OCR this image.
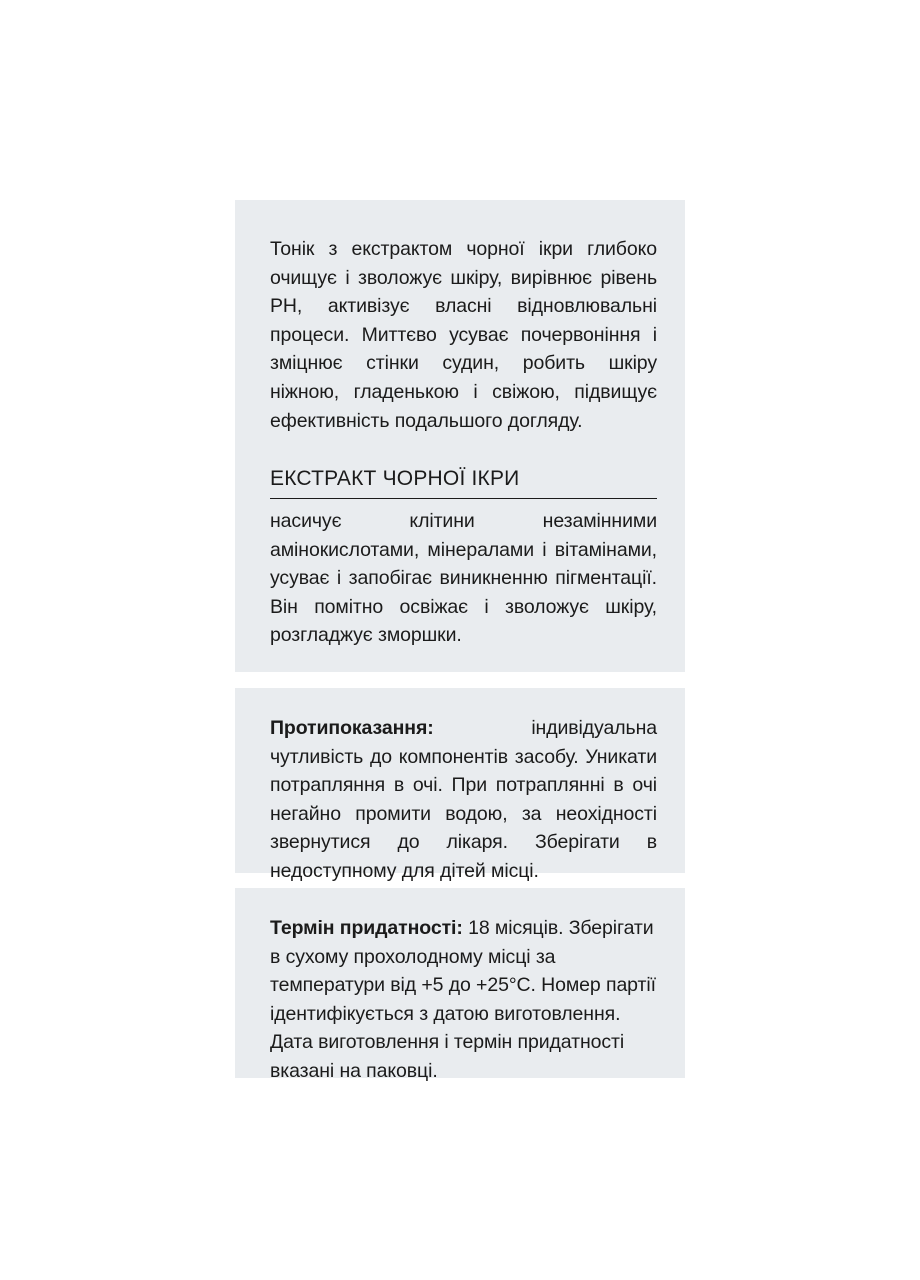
Тонік з екстрактом чорної ікри глибоко очищує і зволожує шкіру, вирівнює рівень PH, активізує власні відновлювальні процеси. Миттєво усуває почервоніння і зміцнює стінки судин, робить шкіру ніжною, гладенькою і свіжою, підвищує ефективність подальшого догляду.

ЕКСТРАКТ ЧОРНОЇ ІКРИ

насичує клітини незамінними амінокислотами, мінералами і вітамінами, усуває і запобігає виникненню пігментації. Він помітно освіжає і зволожує шкіру, розгладжує зморшки.

Протипоказання: індивідуальна чутливість до компонентів засобу. Уникати потрапляння в очі. При потраплянні в очі негайно промити водою, за неохідності звернутися до лікаря. Зберігати в недоступному для дітей місці.

Термін придатності: 18 місяців. Зберігати в сухому прохолодному місці за температури від +5 до +25°C. Номер партії ідентифікується з датою виготовлення. Дата виготовлення і термін придатності вказані на паковці.
